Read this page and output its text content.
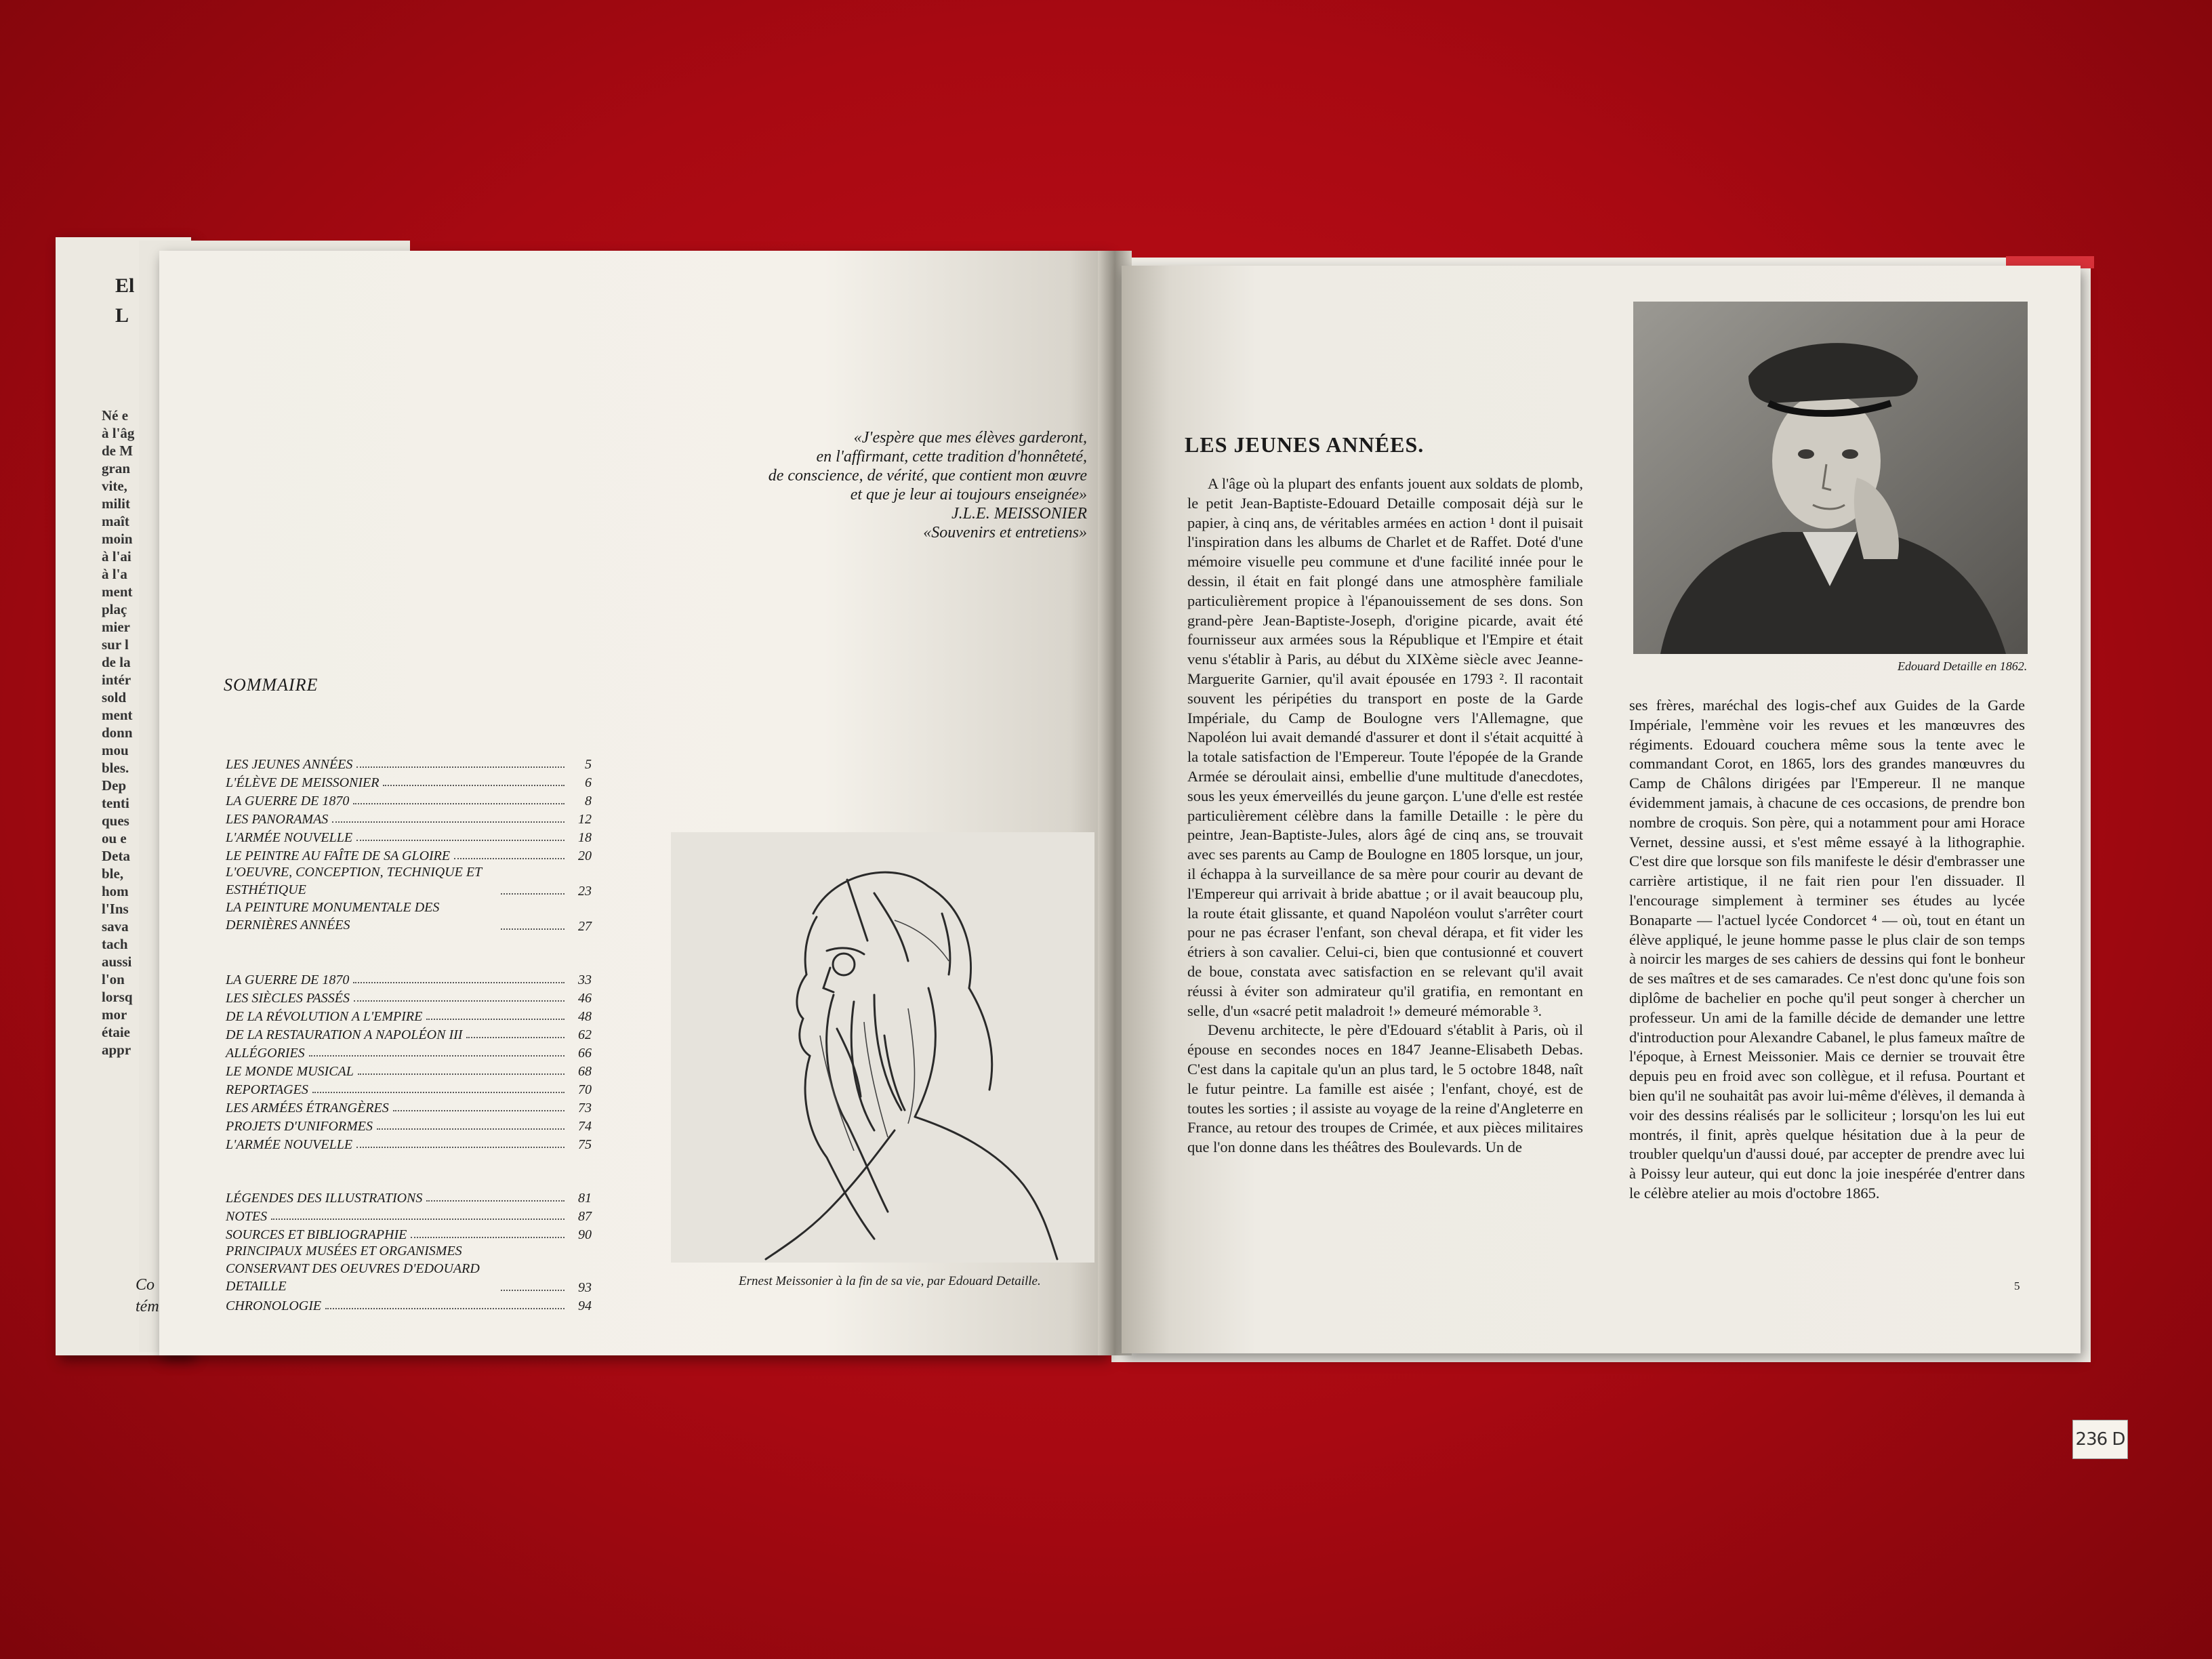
El
L
Né e
à l'âg
de M
gran
vite,
milit
maît
moin
à l'ai
à l'a
ment
plaç
mier
sur l
de la
intér
sold
ment
donn
mou
bles.
Dep
tenti
ques
ou e
Deta
ble,
hom
l'Ins
sava
tach
aussi
l'on
lorsq
mor
étaie
appr
Co
tém
«J'espère que mes élèves garderont,
en l'affirmant, cette tradition d'honnêteté,
de conscience, de vérité, que contient mon œuvre
et que je leur ai toujours enseignée»
J.L.E. MEISSONIER
«Souvenirs et entretiens»
SOMMAIRE
LES JEUNES ANNÉES	5
L'ÉLÈVE DE MEISSONIER	6
LA GUERRE DE 1870	8
LES PANORAMAS	12
L'ARMÉE NOUVELLE	18
LE PEINTRE AU FAÎTE DE SA GLOIRE	20
L'OEUVRE, CONCEPTION, TECHNIQUE ET ESTHÉTIQUE	23
LA PEINTURE MONUMENTALE DES DERNIÈRES ANNÉES	27
LA GUERRE DE 1870	33
LES SIÈCLES PASSÉS	46
DE LA RÉVOLUTION A L'EMPIRE	48
DE LA RESTAURATION A NAPOLÉON III	62
ALLÉGORIES	66
LE MONDE MUSICAL	68
REPORTAGES	70
LES ARMÉES ÉTRANGÈRES	73
PROJETS D'UNIFORMES	74
L'ARMÉE NOUVELLE	75
LÉGENDES DES ILLUSTRATIONS	81
NOTES	87
SOURCES ET BIBLIOGRAPHIE	90
PRINCIPAUX MUSÉES ET ORGANISMES CONSERVANT DES OEUVRES D'EDOUARD DETAILLE	93
CHRONOLOGIE	94
Ernest Meissonier à la fin de sa vie, par Edouard Detaille.
LES JEUNES ANNÉES.

A l'âge où la plupart des enfants jouent aux soldats de plomb, le petit Jean-Baptiste-Edouard Detaille composait déjà sur le papier, à cinq ans, de véritables armées en action ¹ dont il puisait l'inspiration dans les albums de Charlet et de Raffet. Doté d'une mémoire visuelle peu commune et d'une facilité innée pour le dessin, il était en fait plongé dans une atmosphère familiale particulièrement propice à l'épanouissement de ses dons. Son grand-père Jean-Baptiste-Joseph, d'origine picarde, avait été fournisseur aux armées sous la République et l'Empire et était venu s'établir à Paris, au début du XIXème siècle avec Jeanne-Marguerite Garnier, qu'il avait épousée en 1793 ². Il racontait souvent les péripéties du transport en poste de la Garde Impériale, du Camp de Boulogne vers l'Allemagne, que Napoléon lui avait demandé d'assurer et dont il s'était acquitté à la totale satisfaction de l'Empereur. Toute l'épopée de la Grande Armée se déroulait ainsi, embellie d'une multitude d'anecdotes, sous les yeux émerveillés du jeune garçon. L'une d'elle est restée particulièrement célèbre dans la famille Detaille : le père du peintre, Jean-Baptiste-Jules, alors âgé de cinq ans, se trouvait avec ses parents au Camp de Boulogne en 1805 lorsque, un jour, il échappa à la surveillance de sa mère pour courir au devant de l'Empereur qui arrivait à bride abattue ; or il avait beaucoup plu, la route était glissante, et quand Napoléon voulut s'arrêter court pour ne pas écraser l'enfant, son cheval dérapa, et fit vider les étriers à son cavalier. Celui-ci, bien que contusionné et couvert de boue, constata avec satisfaction en se relevant qu'il avait réussi à éviter son admirateur qu'il gratifia, en remontant en selle, d'un «sacré petit maladroit !» demeuré mémorable ³.

Devenu architecte, le père d'Edouard s'établit à Paris, où il épouse en secondes noces en 1847 Jeanne-Elisabeth Debas. C'est dans la capitale qu'un an plus tard, le 5 octobre 1848, naît le futur peintre. La famille est aisée ; l'enfant, choyé, est de toutes les sorties ; il assiste au voyage de la reine d'Angleterre en France, au retour des troupes de Crimée, et aux pièces militaires que l'on donne dans les théâtres des Boulevards. Un de

Edouard Detaille en 1862.

ses frères, maréchal des logis-chef aux Guides de la Garde Impériale, l'emmène voir les revues et les manœuvres des régiments. Edouard couchera même sous la tente avec le commandant Corot, en 1865, lors des grandes manœuvres du Camp de Châlons dirigées par l'Empereur. Il ne manque évidemment jamais, à chacune de ces occasions, de prendre bon nombre de croquis. Son père, qui a notamment pour ami Horace Vernet, dessine aussi, et s'est même essayé à la lithographie. C'est dire que lorsque son fils manifeste le désir d'embrasser une carrière artistique, il ne fait rien pour l'en dissuader. Il l'encourage simplement à terminer ses études au lycée Bonaparte — l'actuel lycée Condorcet ⁴ — où, tout en étant un élève appliqué, le jeune homme passe le plus clair de son temps à noircir les marges de ses cahiers de dessins qui font le bonheur de ses maîtres et de ses camarades. Ce n'est donc qu'une fois son diplôme de bachelier en poche qu'il peut songer à chercher un professeur. Un ami de la famille décide de demander une lettre d'introduction pour Alexandre Cabanel, le plus fameux maître de l'époque, à Ernest Meissonier. Mais ce dernier se trouvait être depuis peu en froid avec son collègue, et il refusa. Pourtant et bien qu'il ne souhaitât pas avoir lui-même d'élèves, il demanda à voir des dessins réalisés par le solliciteur ; lorsqu'on les lui eut montrés, il finit, après quelque hésitation due à la peur de troubler quelqu'un d'aussi doué, par accepter de prendre avec lui à Poissy leur auteur, qui eut donc la joie inespérée d'entrer dans le célèbre atelier au mois d'octobre 1865.

5
236 D
